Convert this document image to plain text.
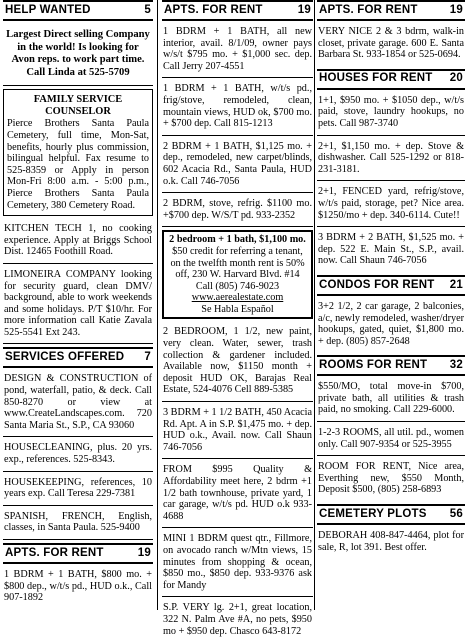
HELP WANTED	5
Largest Direct selling Company in the world! Is looking for Avon reps. to work part time. Call Linda at 525-5709
FAMILY SERVICE COUNSELOR
Pierce Brothers Santa Paula Cemetery, full time, Mon-Sat, benefits, hourly plus commission, bilingual helpful. Fax resume to 525-8359 or Apply in person Mon-Fri 8:00 a.m. - 5:00 p.m., Pierce Brothers Santa Paula Cemetery, 380 Cemetery Road.
KITCHEN TECH 1, no cooking experience. Apply at Briggs School Dist. 12465 Foothill Road.
LIMONEIRA COMPANY looking for security guard, clean DMV/ background, able to work weekends and some holidays. P/T $10/hr. For more information call Katie Zavala 525-5541 Ext 243.
SERVICES OFFERED 7
DESIGN & CONSTRUCTION of pond, waterfall, patio, & deck. Call 850-8270 or view at www.CreateLandscapes.com. 720 Santa Maria St., S.P., CA 93060
HOUSECLEANING, plus. 20 yrs. exp., references. 525-8343.
HOUSEKEEPING, references, 10 years exp. Call Teresa 229-7381
SPANISH, FRENCH, English, classes, in Santa Paula. 525-9400
APTS. FOR RENT	19
1 BDRM + 1 BATH, $800 mo. + $800 dep., w/t/s pd., HUD o.k., Call 907-1892
APTS. FOR RENT	19
1 BDRM + 1 BATH, all new interior, avail. 8/1/09, owner pays w/s/t $795 mo. + $1,000 sec. dep. Call Jerry 207-4551
1 BDRM + 1 BATH, w/t/s pd., frig/stove, remodeled, clean, mountain views, HUD ok, $700 mo. + $700 dep. Call 815-1213
2 BDRM + 1 BATH, $1,125 mo. + dep., remodeled, new carpet/blinds, 602 Acacia Rd., Santa Paula, HUD o.k. Call 746-7056
2 BDRM, stove, refrig. $1100 mo. +$700 dep. W/S/T pd. 933-2352
2 bedroom + 1 bath, $1,100 mo.
$50 credit for referring a tenant, on the twelfth month rent is 50% off, 230 W. Harvard Blvd. #14 Call (805) 746-9023
www.aerealestate.com
Se Habla Español
2 BEDROOM, 1 1/2, new paint, very clean. Water, sewer, trash collection & gardener included. Available now, $1150 month + deposit HUD OK, Barajas Real Estate, 524-4076 Cell 889-5385
3 BDRM + 1 1/2 BATH, 450 Acacia Rd. Apt. A in S.P. $1,475 mo. + dep. HUD o.k., Avail. now. Call Shaun 746-7056
FROM $995 Quality & Affordability meet here, 2 bdrm +1 1/2 bath townhouse, private yard, 1 car garage, w/t/s pd. HUD o.k 933-4688
MINI 1 BDRM quest qtr., Fillmore, on avocado ranch w/Mtn views, 15 minutes from shopping & ocean, $850 mo., $850 dep. 933-9376 ask for Mandy
S.P. VERY lg. 2+1, great location, 322 N. Palm Ave #A, no pets, $950 mo + $950 dep. Chasco 643-8172
APTS. FOR RENT	19
VERY NICE 2 & 3 bdrm, walk-in closet, private garage. 600 E. Santa Barbara St. 933-1854 or 525-0694.
HOUSES FOR RENT 20
1+1, $950 mo. + $1050 dep., w/t/s paid, stove, laundry hookups, no pets. Call 987-3740
2+1, $1,150 mo. + dep. Stove & dishwasher. Call 525-1292 or 818-231-3181.
2+1, FENCED yard, refrig/stove, w/t/s paid, storage, pet? Nice area. $1250/mo + dep. 340-6114. Cute!!
3 BDRM + 2 BATH, $1,525 mo. + dep. 522 E. Main St., S.P., avail. now. Call Shaun 746-7056
CONDOS FOR RENT 21
3+2 1/2, 2 car garage, 2 balconies, a/c, newly remodeled, washer/dryer hookups, gated, quiet, $1,800 mo. + dep. (805) 857-2648
ROOMS FOR RENT 32
$550/MO, total move-in $700, private bath, all utilities & trash paid, no smoking. Call 229-6000.
1-2-3 ROOMS, all util. pd., women only. Call 907-9354 or 525-3955
ROOM FOR RENT, Nice area, Everthing new, $550 Month, Deposit $500, (805) 258-6893
CEMETERY PLOTS 56
DEBORAH 408-847-4464, plot for sale, R, lot 391. Best offer.
